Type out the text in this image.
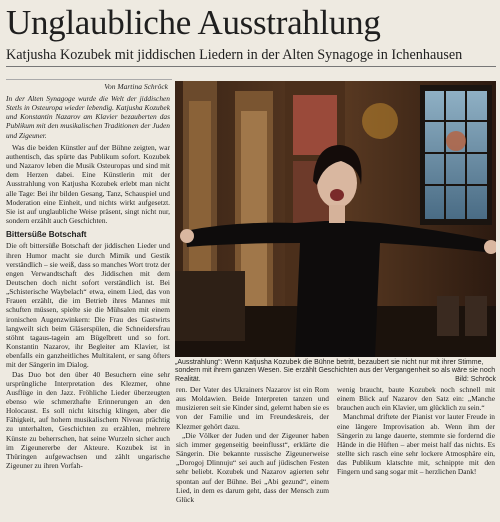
Unglaubliche Ausstrahlung
Katjusha Kozubek mit jiddischen Liedern in der Alten Synagoge in Ichenhausen
Von Martina Schröck

In der Alten Synagoge wurde die Welt der jiddischen Stetls in Osteuropa wieder lebendig. Katjusha Kozubek und Konstantin Nazarov am Klavier bezauberten das Publikum mit den musikalischen Traditionen der Juden und Zigeuner.

Was die beiden Künstler auf der Bühne zeigten, war authentisch, das spürte das Publikum sofort. Kozubek und Nazarov leben die Musik Osteuropas und sind mit dem Herzen dabei. Eine Künstlerin mit der Ausstrahlung von Katjusha Kozubek erlebt man nicht alle Tage: Bei ihr bilden Gesang, Tanz, Schauspiel und Moderation eine Einheit, und nichts wirkt aufgesetzt. Sie ist auf unglaubliche Weise präsent, singt nicht nur, sondern erzählt auch Geschichten.

Bittersüße Botschaft

Die oft bittersüße Botschaft der jiddischen Lieder und ihren Humor macht sie durch Mimik und Gestik verständlich – sie weiß, dass so manches Wort trotz der engen Verwandtschaft des Jiddischen mit dem Deutschen doch nicht sofort verständlich ist. Bei „Schisterische Waybelach“ etwa, einem Lied, das von Frauen erzählt, die im Betrieb ihres Mannes mit schuften müssen, spielte sie die Mühsalen mit einem ironischen Augenzwinkern: Die Frau des Gastwirts langweilt sich beim Gläserspülen, die Schneidersfrau stöhnt tagaus-tagein am Bügelbrett und so fort. Konstantin Nazarov, ihr Begleiter am Klavier, ist ebenfalls ein ganzheitliches Multitalent, er sang öfters mit der Sängerin im Dialog.

Das Duo bot den über 40 Besuchern eine sehr ursprüngliche Interpretation des Klezmer, ohne Ausflüge in den Jazz. Fröhliche Lieder überzeugten ebenso wie schmerzhafte Erinnerungen an den Holocaust. Es soll nicht kitschig klingen, aber die Fähigkeit, auf hohem musikalischem Niveau prächtig zu unterhalten, Geschichten zu erzählen, mehrere Künste zu beherrschen, hat seine Wurzeln sicher auch im Zigeunererbe der Akteure. Kozubek ist in Thüringen aufgewachsen und zählt ungarische Zigeuner zu ihren Vorfah-

„Ausstrahlung“: Wenn Katjusha Kozubek die Bühne betritt, bezaubert sie nicht nur mit ihrer Stimme, sondern mit ihrem ganzen Wesen. Sie erzählt Geschichten aus der Vergangenheit so als wäre sie noch Realität.	Bild: Schröck

ren. Der Vater des Ukrainers Nazarov ist ein Rom aus Moldawien. Beide Interpreten tanzen und musizieren seit sie Kinder sind, gelernt haben sie es von der Familie und im Freundeskreis, der Klezmer gehört dazu.

„Die Völker der Juden und der Zigeuner haben sich immer gegenseitig beeinflusst“, erklärte die Sängerin. Die bekannte russische Zigeunerweise „Dorogoj Dlinnuju“ sei auch auf jüdischen Festen sehr beliebt. Kozubek und Nazarov agierten sehr spontan auf der Bühne. Bei „Abi gezund“, einem Lied, in dem es darum geht, dass der Mensch zum Glück

wenig braucht, baute Kozubek noch schnell mit einem Blick auf Nazarov den Satz ein: „Manche brauchen auch ein Klavier, um glücklich zu sein.“

Manchmal driftete der Pianist vor lauter Freude in eine längere Improvisation ab. Wenn ihm der Sängerin zu lange dauerte, stemmte sie fordernd die Hände in die Hüften – aber meist half das nichts. Es stellte sich rasch eine sehr lockere Atmosphäre ein, das Publikum klatschte mit, schnippte mit den Fingern und sang sogar mit – herzlichen Dank!
